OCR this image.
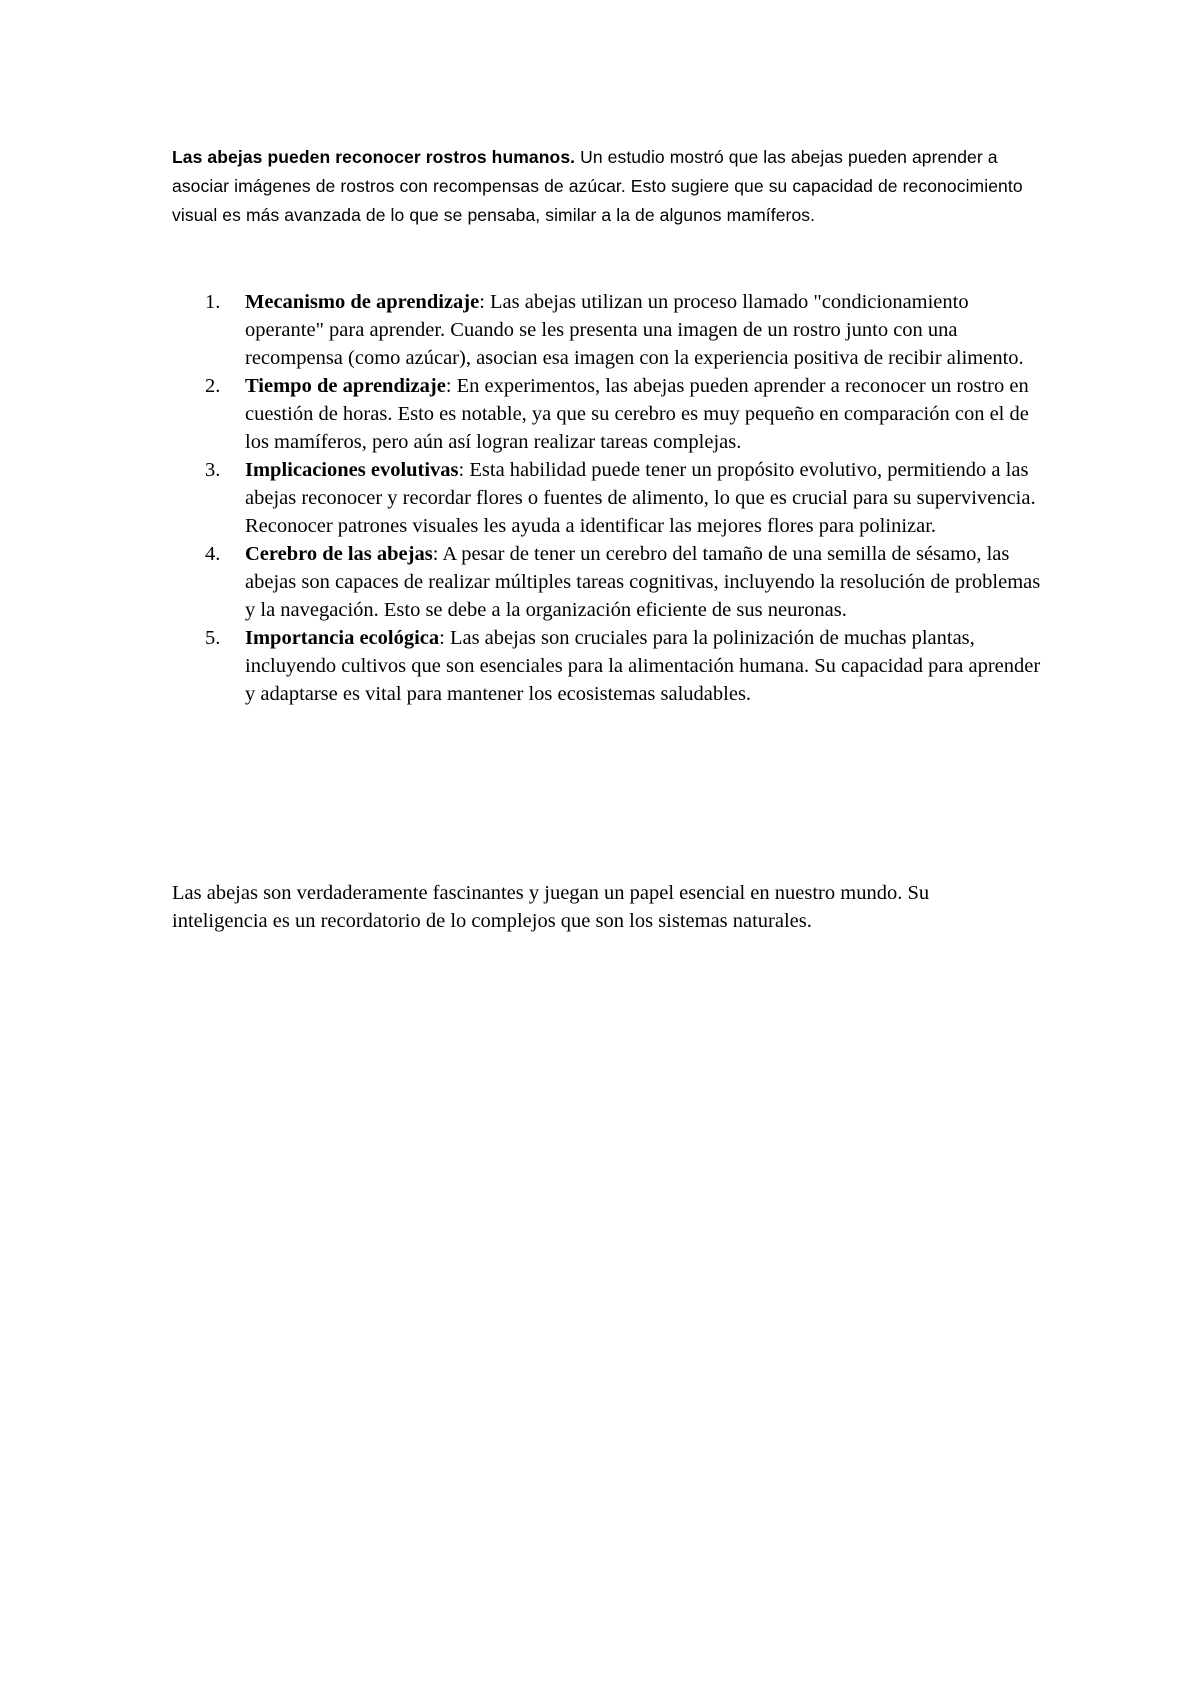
Las abejas pueden reconocer rostros humanos. Un estudio mostró que las abejas pueden aprender a asociar imágenes de rostros con recompensas de azúcar. Esto sugiere que su capacidad de reconocimiento visual es más avanzada de lo que se pensaba, similar a la de algunos mamíferos.

1. Mecanismo de aprendizaje: Las abejas utilizan un proceso llamado "condicionamiento operante" para aprender. Cuando se les presenta una imagen de un rostro junto con una recompensa (como azúcar), asocian esa imagen con la experiencia positiva de recibir alimento.
2. Tiempo de aprendizaje: En experimentos, las abejas pueden aprender a reconocer un rostro en cuestión de horas. Esto es notable, ya que su cerebro es muy pequeño en comparación con el de los mamíferos, pero aún así logran realizar tareas complejas.
3. Implicaciones evolutivas: Esta habilidad puede tener un propósito evolutivo, permitiendo a las abejas reconocer y recordar flores o fuentes de alimento, lo que es crucial para su supervivencia. Reconocer patrones visuales les ayuda a identificar las mejores flores para polinizar.
4. Cerebro de las abejas: A pesar de tener un cerebro del tamaño de una semilla de sésamo, las abejas son capaces de realizar múltiples tareas cognitivas, incluyendo la resolución de problemas y la navegación. Esto se debe a la organización eficiente de sus neuronas.
5. Importancia ecológica: Las abejas son cruciales para la polinización de muchas plantas, incluyendo cultivos que son esenciales para la alimentación humana. Su capacidad para aprender y adaptarse es vital para mantener los ecosistemas saludables.

Las abejas son verdaderamente fascinantes y juegan un papel esencial en nuestro mundo. Su inteligencia es un recordatorio de lo complejos que son los sistemas naturales.
